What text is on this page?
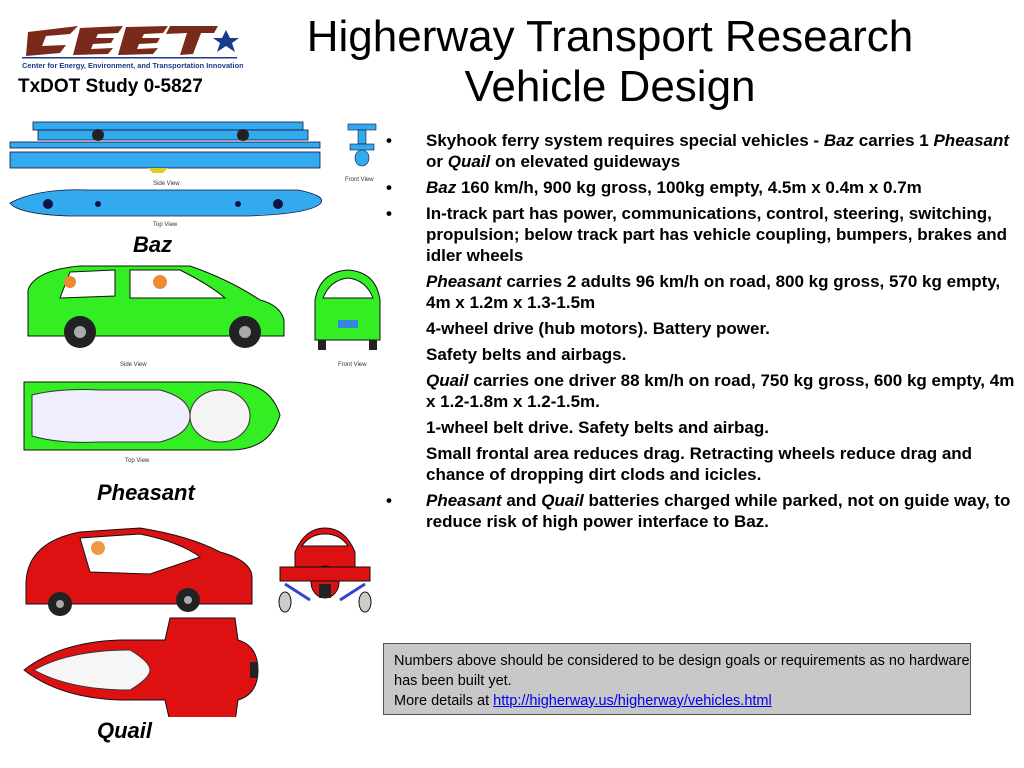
Center for Energy, Environment, and Transportation Innovation
TxDOT Study 0-5827
Higherway Transport Research
Vehicle Design
Side View
Top View
Front View
Baz
Side View	Front View
Top View
Pheasant
Quail
• Skyhook ferry system requires special vehicles - Baz carries 1 Pheasant or Quail on elevated guideways
• Baz 160 km/h, 900 kg gross, 100kg empty, 4.5m x 0.4m x 0.7m
• In-track part has power, communications, control, steering, switching, propulsion; below track part has vehicle coupling, bumpers, brakes and idler wheels
Pheasant carries 2 adults 96 km/h on road, 800 kg gross, 570 kg empty, 4m x 1.2m x 1.3-1.5m
4-wheel drive (hub motors). Battery power.
Safety belts and airbags.
Quail carries one driver 88 km/h on road, 750 kg gross, 600 kg empty, 4m x 1.2-1.8m x 1.2-1.5m.
1-wheel belt drive. Safety belts and airbag.
Small frontal area reduces drag. Retracting wheels reduce drag and chance of dropping dirt clods and icicles.
• Pheasant and Quail batteries charged while parked, not on guide way, to reduce risk of high power interface to Baz.
Numbers above should be considered to be design goals or requirements as no hardware has been built yet.
More details at http://higherway.us/higherway/vehicles.html
